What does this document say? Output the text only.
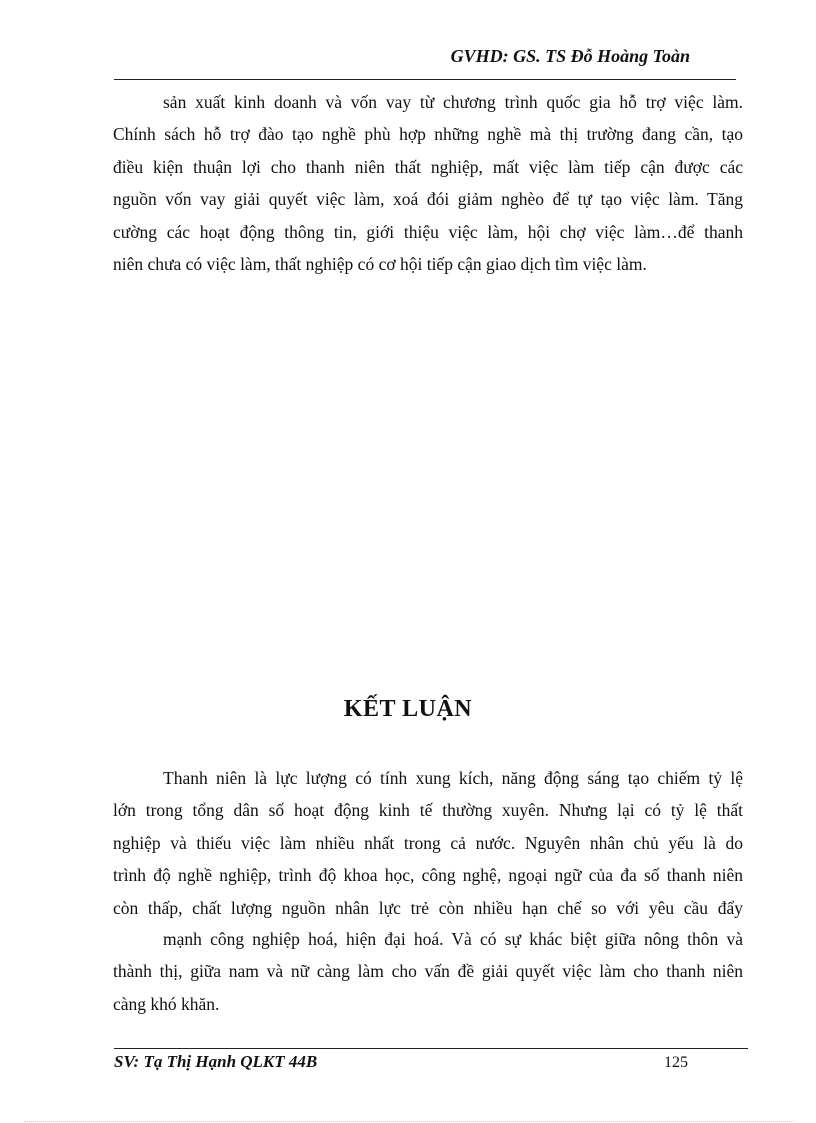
GVHD: GS. TS Đỗ Hoàng Toàn
sản xuất kinh doanh và vốn vay từ chương trình quốc gia hỗ trợ việc làm.
Chính sách hỗ trợ đào tạo nghề phù hợp những nghề mà thị trường đang cần, tạo
điều kiện thuận lợi cho thanh niên thất nghiệp, mất việc làm tiếp cận được các
nguồn vốn vay giải quyết việc làm, xoá đói giảm nghèo để tự tạo việc làm. Tăng
cường các hoạt động thông tin, giới thiệu việc làm, hội chợ việc làm…để thanh
niên chưa có việc làm, thất nghiệp có cơ hội tiếp cận giao dịch tìm việc làm.
KẾT LUẬN
Thanh niên là lực lượng có tính xung kích, năng động sáng tạo chiếm tỷ lệ
lớn trong tổng dân số hoạt động kinh tế thường xuyên. Nhưng lại có tỷ lệ thất
nghiệp và thiếu việc làm nhiều nhất trong cả nước. Nguyên nhân chủ yếu là do
trình độ nghề nghiệp, trình độ khoa học, công nghệ, ngoại ngữ của đa số thanh niên
còn thấp, chất lượng nguồn nhân lực trẻ còn nhiều hạn chế so với yêu cầu đẩy
mạnh công nghiệp hoá, hiện đại hoá. Và có sự khác biệt giữa nông thôn và
thành thị, giữa nam và nữ càng làm cho vấn đề giải quyết việc làm cho thanh niên
càng khó khăn.
SV: Tạ Thị Hạnh QLKT 44B	125
